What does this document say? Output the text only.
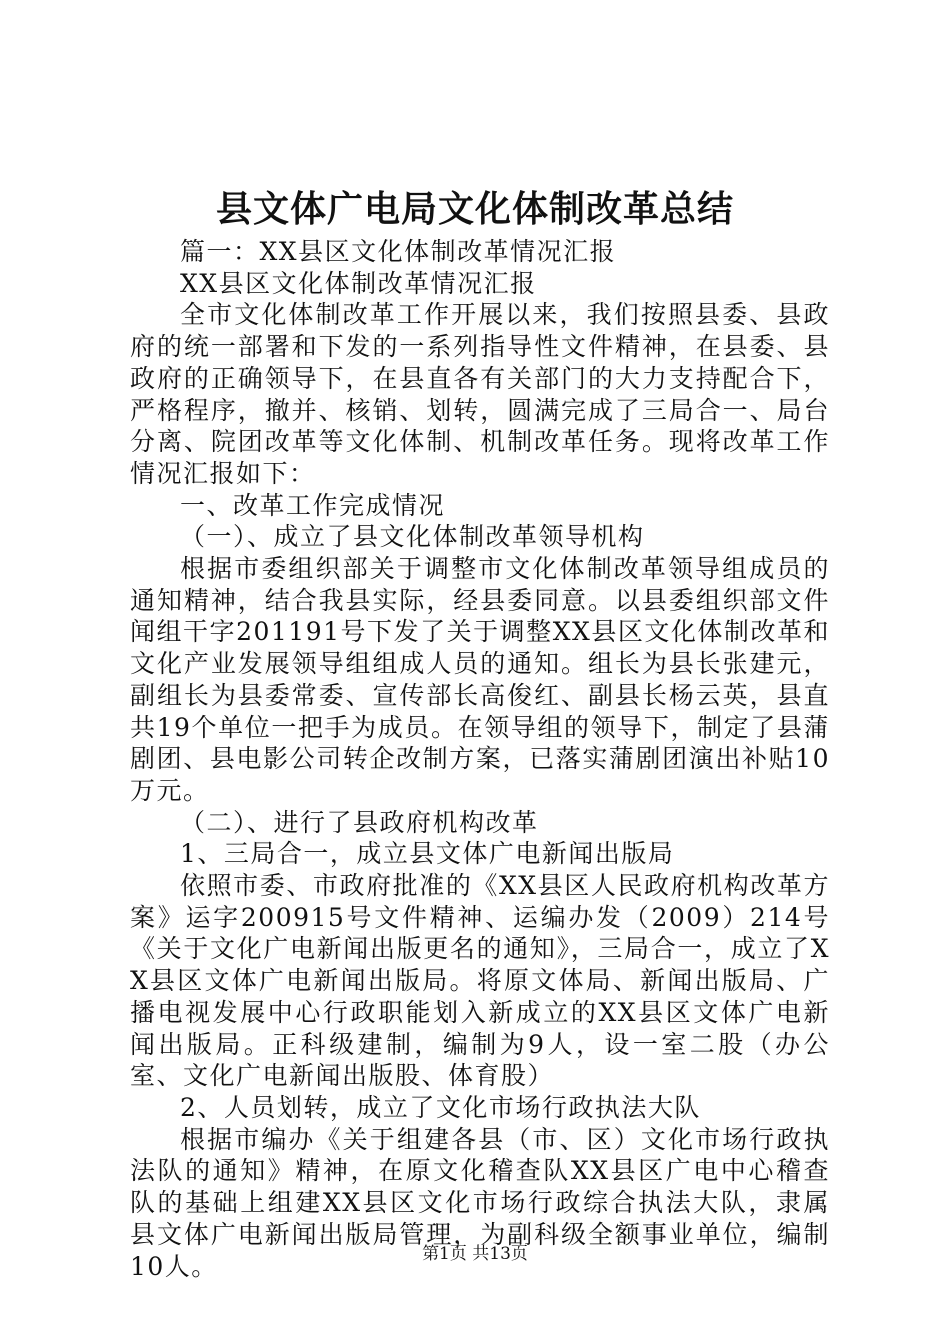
县文体广电局文化体制改革总结

篇一：XX县区文化体制改革情况汇报

XX县区文化体制改革情况汇报

全市文化体制改革工作开展以来，我们按照县委、县政府的统一部署和下发的一系列指导性文件精神，在县委、县政府的正确领导下，在县直各有关部门的大力支持配合下，严格程序，撤并、核销、划转，圆满完成了三局合一、局台分离、院团改革等文化体制、机制改革任务。现将改革工作情况汇报如下：

一、改革工作完成情况

（一）、成立了县文化体制改革领导机构

根据市委组织部关于调整市文化体制改革领导组成员的通知精神，结合我县实际，经县委同意。以县委组织部文件闻组干字201191号下发了关于调整XX县区文化体制改革和文化产业发展领导组组成人员的通知。组长为县长张建元，副组长为县委常委、宣传部长高俊红、副县长杨云英，县直共19个单位一把手为成员。在领导组的领导下，制定了县蒲剧团、县电影公司转企改制方案，已落实蒲剧团演出补贴10万元。

（二）、进行了县政府机构改革

1、三局合一，成立县文体广电新闻出版局

依照市委、市政府批准的《XX县区人民政府机构改革方案》运字200915号文件精神、运编办发（2009）214号《关于文化广电新闻出版更名的通知》，三局合一，成立了XX县区文体广电新闻出版局。将原文体局、新闻出版局、广播电视发展中心行政职能划入新成立的XX县区文体广电新闻出版局。正科级建制，编制为9人，设一室二股（办公室、文化广电新闻出版股、体育股）

2、人员划转，成立了文化市场行政执法大队

根据市编办《关于组建各县（市、区）文化市场行政执法队的通知》精神，在原文化稽查队XX县区广电中心稽查队的基础上组建XX县区文化市场行政综合执法大队，隶属县文体广电新闻出版局管理，为副科级全额事业单位，编制10人。	第1页 共13页
